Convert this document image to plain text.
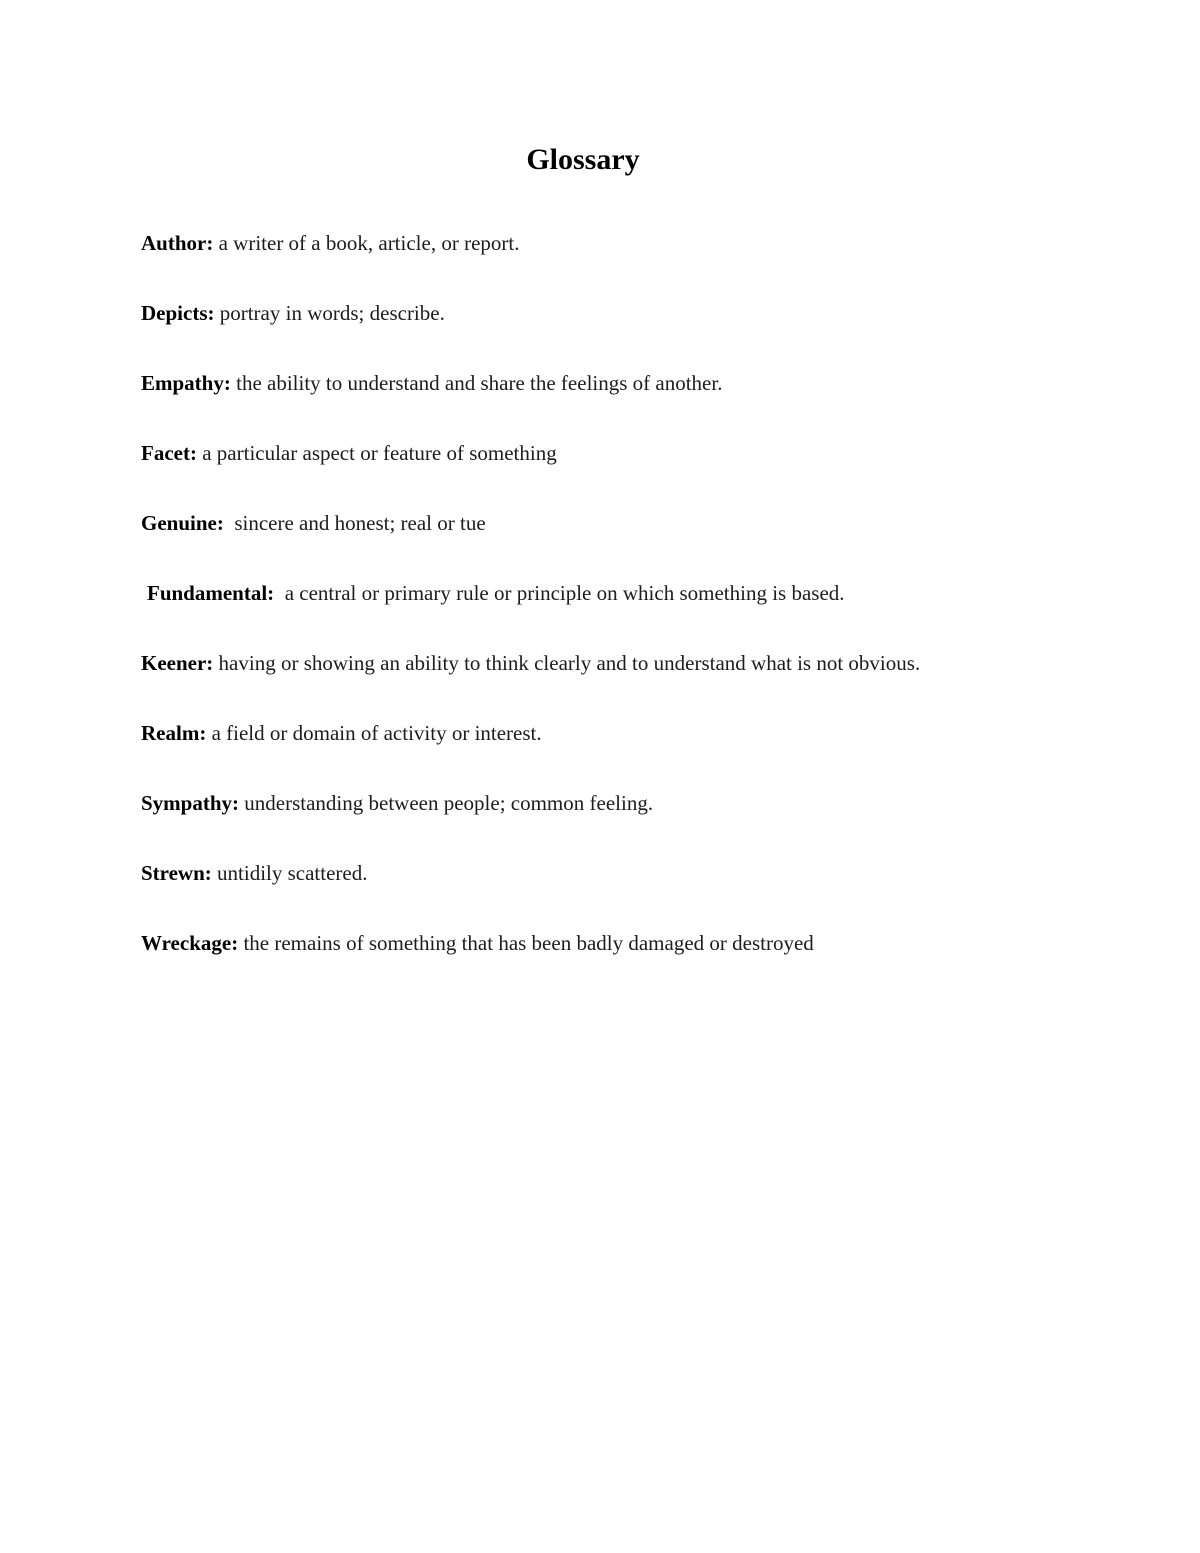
Glossary
Author: a writer of a book, article, or report.
Depicts: portray in words; describe.
Empathy: the ability to understand and share the feelings of another.
Facet: a particular aspect or feature of something
Genuine:  sincere and honest; real or tue
Fundamental:  a central or primary rule or principle on which something is based.
Keener: having or showing an ability to think clearly and to understand what is not obvious.
Realm: a field or domain of activity or interest.
Sympathy: understanding between people; common feeling.
Strewn: untidily scattered.
Wreckage: the remains of something that has been badly damaged or destroyed
